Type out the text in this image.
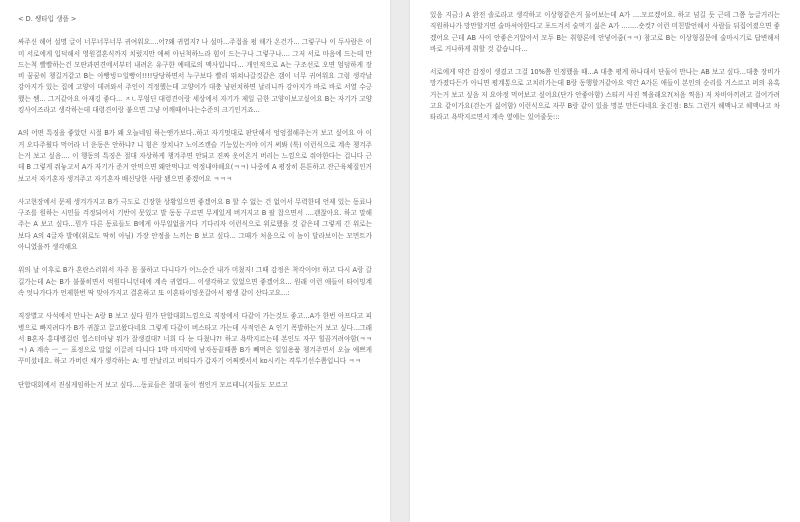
< D. 쌩타입 생플 >

싸주신 해어 설명 글이 너무너무너무 귀여워요....어?왜 귀엽지? 나 설마...주접을 펑 해가 온건가... 그렇구나 이 두사람은 이미 서로에게 입덕해서 영원결혼식까지 치렀지만 애써 아닌척하느라 힘이 드는구나 그렇구나.... 그저 서로 마음에 드는데 만드는척 빨빨하는건 모딴과편견에서부터 내려온 유구한 예테로의 맥사입니다... 개인적으로 A는 구조선로 오면 엄덤하게 장비 꿈꿈히 챙길거같고 B는 아빵빙ㅁ일빵이!!!!당당하면서 누구보다 빨리 뛰쳐나갈것같은 갬이 너무 귀여워요 그렁 생각날 강아지가 있는 집에 고양이 데려와서 주인이 걱정했는데 고양이가 대충 냥펀치하면 날리니까 강아지가 바로 바로 서열 수긍했는 쌤... 그거같아요 아재깅 좋다... ㅈㄴ무엄딘 대령견이랑 세상에서 자기가 제일 금한 고양이보고싶어요 B는 자기가 고양킹사이즈라고 생각하는데 대령견이랑 붙으면 그냥 어깨때어나는수준의 크기인거죠...

A의 어떤 특징을 좋았던 시절 B가 왜 오늘네임 하는앤가보다..하고 자기멋대로 판단해서 엉엉절해주는거 보고 싶어요 아 이거 오다주웠다 먹어라 너 운동은 안하냐? 니 힘은 장치나? 노이즈캔슬 기능있는거야 이거 써봐 (툭) 이런식으로 계속 챙겨주는거 보고 싶음.... 이 행동의 특징은 절대 자상하게 챙겨주면 안되고 진짜 옷어온거 버리는 느낌으로 줘야한다는 겁니다 근데 B 그렇게 줘놓고서 A가 자기가 준거 안먹으면 왜안먹냐고 억정내야해요(ㅋㅋ) 나중에 A 평장히 튼튼하고 잔근육체질인거 보고서 자기혼자 생겨주고 자기혼자 배신당한 사람 됐으면 좋겠어요 ㅋㅋㅋ

사고현장에서 문제 생겨가지고 B가 극도로 긴장한 상황일으면 좋겠어요 B 할 수 없는 건 없어서 무력한데 언제 있는 동료나 구조를 원하는 시민들 걱정되어서 기반이 못있고 발 동동 구르면 무게있게 버거지고 B 팔 찹으면서 ....괜찮아요. 하고 말해주는 A 보고 싶다...뭔가 다른 동료들도 B에게 아무일없을거다 기다리자 이런식으로 위로했을 것 같은데 그렇게 긴 위로는 보다 A의 4글자 발에(위로도 딱히 아님) 가장 안정을 느끼는 B 보고 싶다... 그때가 처음으로 이 놈이 달라보이는 모먼트가 아니였을까 생각해요

위의 날 이후로 B가 혼란스러워서 자주 몸 풀하고 다니다가 어느순간 내가 미쳤지! 그때 감정은 착각이야! 하고 다시 A랑 갈길가는데 A는 B가 불풀히면서 억원다니던데에 계속 귀엽다... 이생각하고 있었으면 좋겠어요... 원래 이런 애들이 타이밍계속 엇나가다가 언제한번 딱 맞아가지고 결혼하고 또 이혼타이밍옷갈아서 평생 같이 산다고요...:

직장별고 사석에서 만나는 A랑 B 보고 싶다 뭔가 단합대회느낌으로 직장에서 다같이 가는것도 좋고...A가 한번 아프다고 피병으로 빠지려다가 B가 귀찮고 끌고왔다네요 그렇게 다같이 버스타고 가는데 사적인은 A 인기 폭발하는거 보고 싶다...그래서 B혼자 홍대병걸린 힙스터마냥 뭐가 잘생겼대? 너희 다 눈 다쳤냐?! 하고 욕박지르는데 본인도 자꾸 힐끔거려야함(ㅋㅋㅋ) A 계속 ㅡ_ㅡ 표정으로 말없 이끌려 다니다 1박 마지막에 남자동끝때쯤 B가 빼먹은 일일용품 챙겨주면서 오늘 예쁘게 꾸미셨네요. 하고 가버린 채가 생각하는 A: 명 안날리고 버티다가 갑자기 어쩌켓서서 ko시키는 격투기선수쯤입니다 ㅋㅋ

단합대회에서 진심게임하는거 보고 싶다....동료들은 절대 둘이 썸인거 모르테니(지들도 모르고

있음 지금:) A 완전 솔로라고 생각하고 이상형같은거 물어보는데 A가 ....모르겠어요. 하고 넘길 듯 근데 그쯤 능글거리는 직원하나가 망만할거면 술마셔야한다고 포드겨서 술먹기 싫은 A가 ........숏컷? 이런 미친발언해서 사람들 뒤집어졌으면 좋겠어요 근데 AB 사이 안좋은거알아서 모두 B는 취향론에 안넣어줌(ㅋㅋ) 참고로 B는 이상형질문에 술마시기로 답변해서 바로 거나하게 취할 것 같습니다...

서로에게 약간 감정이 생겼고 그걸 10%쯤 인정했을 때...A 대충 평게 하나대서 단둘이 만나는 AB 보고 싶다...대충 장비가 망가졌다든가 아니면 평계통으로 고치러가는데 B랑 동행할거같아요 약간 A가돈 애들이 본인의 순리를 거스르고 퍼의 유혹거는거 보고 싶음 저 요야정 먹어보고 싶어요(단가 안좋아함) 스티커 사진 찍을래요?(처음 찍음) 저 차비아끼려고 걸어가려고요 같이가요(걷는거 싫어함) 이런식으로 자꾸 B랑 같이 있을 명분 만든다네요 웃긴점: B도 그런거 헤맥나고 헤맥나고 차타라고 욕박지르면서 계속 옆에는 있어줄듯:::
